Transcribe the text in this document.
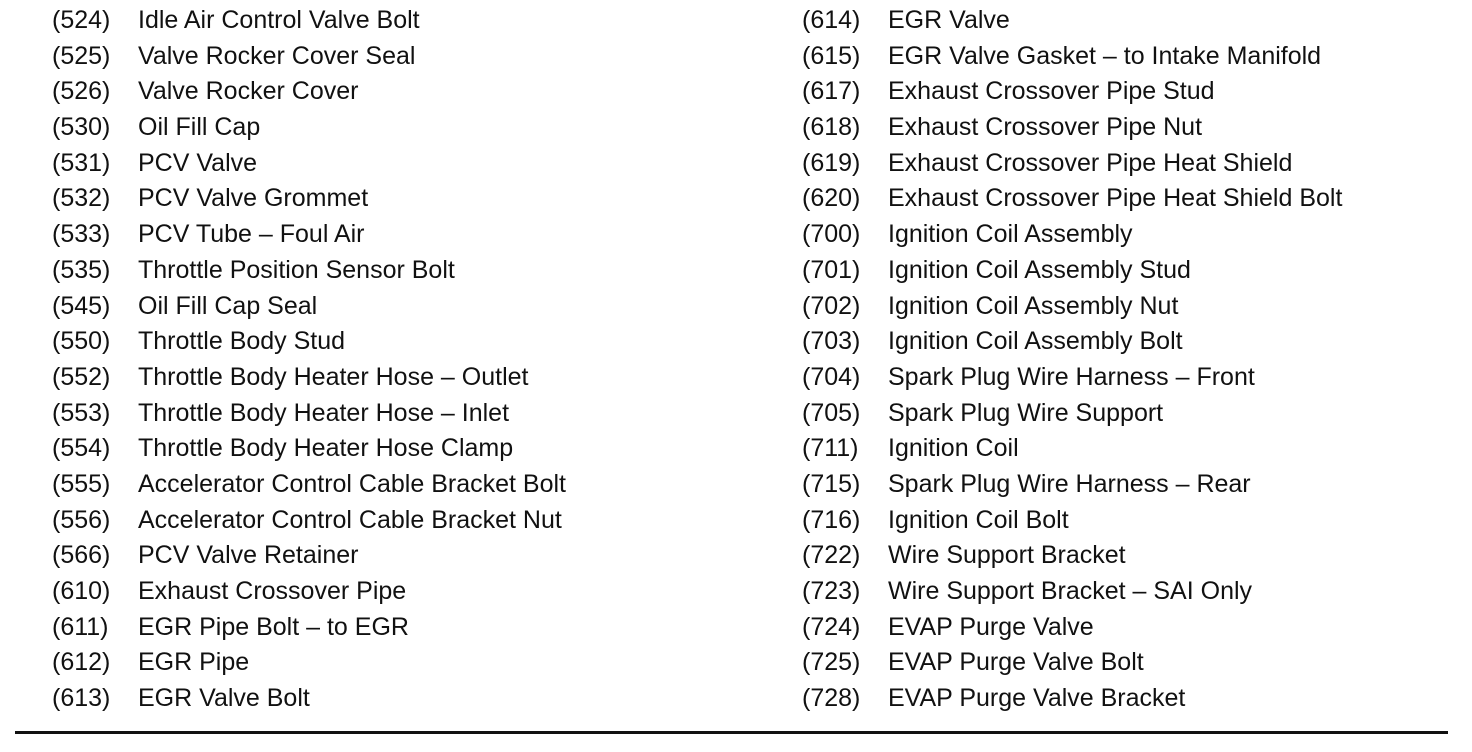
(524)	Idle Air Control Valve Bolt
(525)	Valve Rocker Cover Seal
(526)	Valve Rocker Cover
(530)	Oil Fill Cap
(531)	PCV Valve
(532)	PCV Valve Grommet
(533)	PCV Tube – Foul Air
(535)	Throttle Position Sensor Bolt
(545)	Oil Fill Cap Seal
(550)	Throttle Body Stud
(552)	Throttle Body Heater Hose – Outlet
(553)	Throttle Body Heater Hose – Inlet
(554)	Throttle Body Heater Hose Clamp
(555)	Accelerator Control Cable Bracket Bolt
(556)	Accelerator Control Cable Bracket Nut
(566)	PCV Valve Retainer
(610)	Exhaust Crossover Pipe
(611)	EGR Pipe Bolt – to EGR
(612)	EGR Pipe
(613)	EGR Valve Bolt
(614)	EGR Valve
(615)	EGR Valve Gasket – to Intake Manifold
(617)	Exhaust Crossover Pipe Stud
(618)	Exhaust Crossover Pipe Nut
(619)	Exhaust Crossover Pipe Heat Shield
(620)	Exhaust Crossover Pipe Heat Shield Bolt
(700)	Ignition Coil Assembly
(701)	Ignition Coil Assembly Stud
(702)	Ignition Coil Assembly Nut
(703)	Ignition Coil Assembly Bolt
(704)	Spark Plug Wire Harness – Front
(705)	Spark Plug Wire Support
(711)	Ignition Coil
(715)	Spark Plug Wire Harness – Rear
(716)	Ignition Coil Bolt
(722)	Wire Support Bracket
(723)	Wire Support Bracket – SAI Only
(724)	EVAP Purge Valve
(725)	EVAP Purge Valve Bolt
(728)	EVAP Purge Valve Bracket
